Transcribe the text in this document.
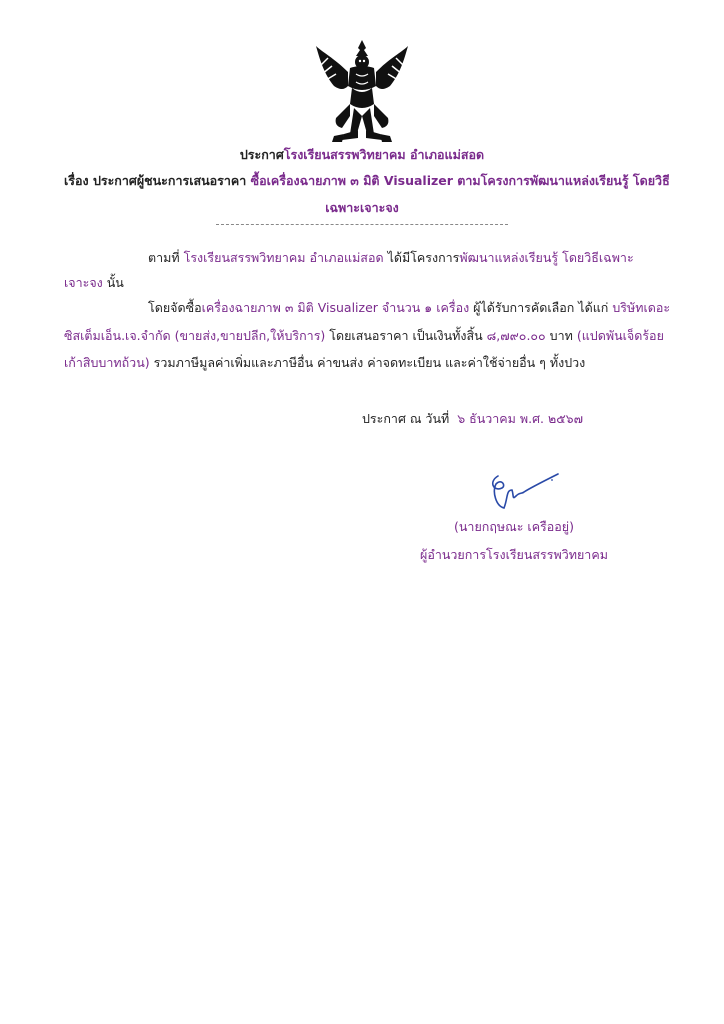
ประกาศโรงเรียนสรรพวิทยาคม อำเภอแม่สอด
เรื่อง ประกาศผู้ชนะการเสนอราคา ซื้อเครื่องฉายภาพ ๓ มิติ Visualizer ตามโครงการพัฒนาแหล่งเรียนรู้ โดยวิธี
เฉพาะเจาะจง
ตามที่ โรงเรียนสรรพวิทยาคม อำเภอแม่สอด ได้มีโครงการพัฒนาแหล่งเรียนรู้ โดยวิธีเฉพาะ
เจาะจง นั้น
โดยจัดซื้อเครื่องฉายภาพ ๓ มิติ Visualizer จำนวน ๑ เครื่อง ผู้ได้รับการคัดเลือก ได้แก่ บริษัทเดอะ
ซิสเต็มเอ็น.เจ.จำกัด (ขายส่ง,ขายปลีก,ให้บริการ) โดยเสนอราคา เป็นเงินทั้งสิ้น ๘,๗๙๐.๐๐ บาท (แปดพันเจ็ดร้อย
เก้าสิบบาทถ้วน) รวมภาษีมูลค่าเพิ่มและภาษีอื่น ค่าขนส่ง ค่าจดทะเบียน และค่าใช้จ่ายอื่น ๆ ทั้งปวง
ประกาศ ณ วันที่ ๖ ธันวาคม พ.ศ. ๒๕๖๗
(นายกฤษณะ เครืออยู่)
ผู้อำนวยการโรงเรียนสรรพวิทยาคม
